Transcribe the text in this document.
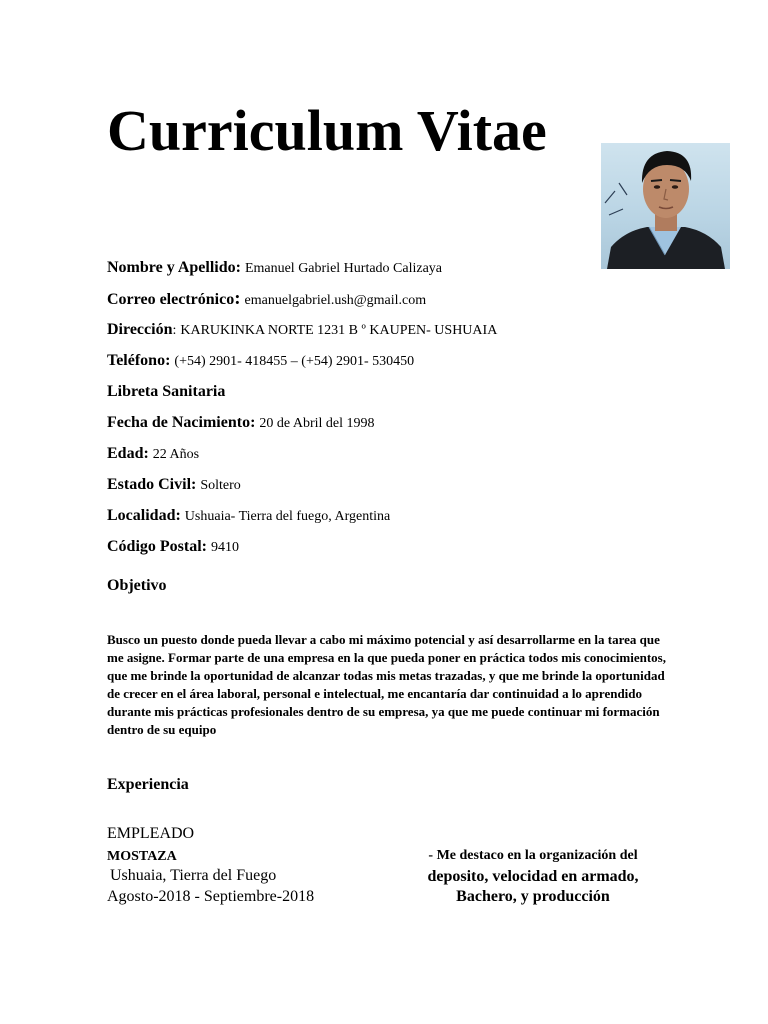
Curriculum Vitae
Nombre y Apellido: Emanuel Gabriel Hurtado Calizaya
Correo electrónico: emanuelgabriel.ush@gmail.com
Dirección: KARUKINKA NORTE 1231 B º KAUPEN- USHUAIA
Teléfono: (+54) 2901- 418455 – (+54) 2901- 530450
Libreta Sanitaria
Fecha de Nacimiento: 20 de Abril del 1998
Edad: 22 Años
Estado Civil: Soltero
Localidad: Ushuaia- Tierra del fuego, Argentina
Código Postal: 9410
Objetivo

Busco un puesto donde pueda llevar a cabo mi máximo potencial y así desarrollarme en la tarea que me asigne. Formar parte de una empresa en la que pueda poner en práctica todos mis conocimientos, que me brinde la oportunidad de alcanzar todas mis metas trazadas, y que me brinde la oportunidad de crecer en el área laboral, personal e intelectual, me encantaría dar continuidad a lo aprendido durante mis prácticas profesionales dentro de su empresa, ya que me puede continuar mi formación dentro de su equipo

Experiencia
EMPLEADO
MOSTAZA
Ushuaia, Tierra del Fuego
Agosto-2018 - Septiembre-2018
- Me destaco en la organización del
deposito, velocidad en armado,
Bachero, y producción
